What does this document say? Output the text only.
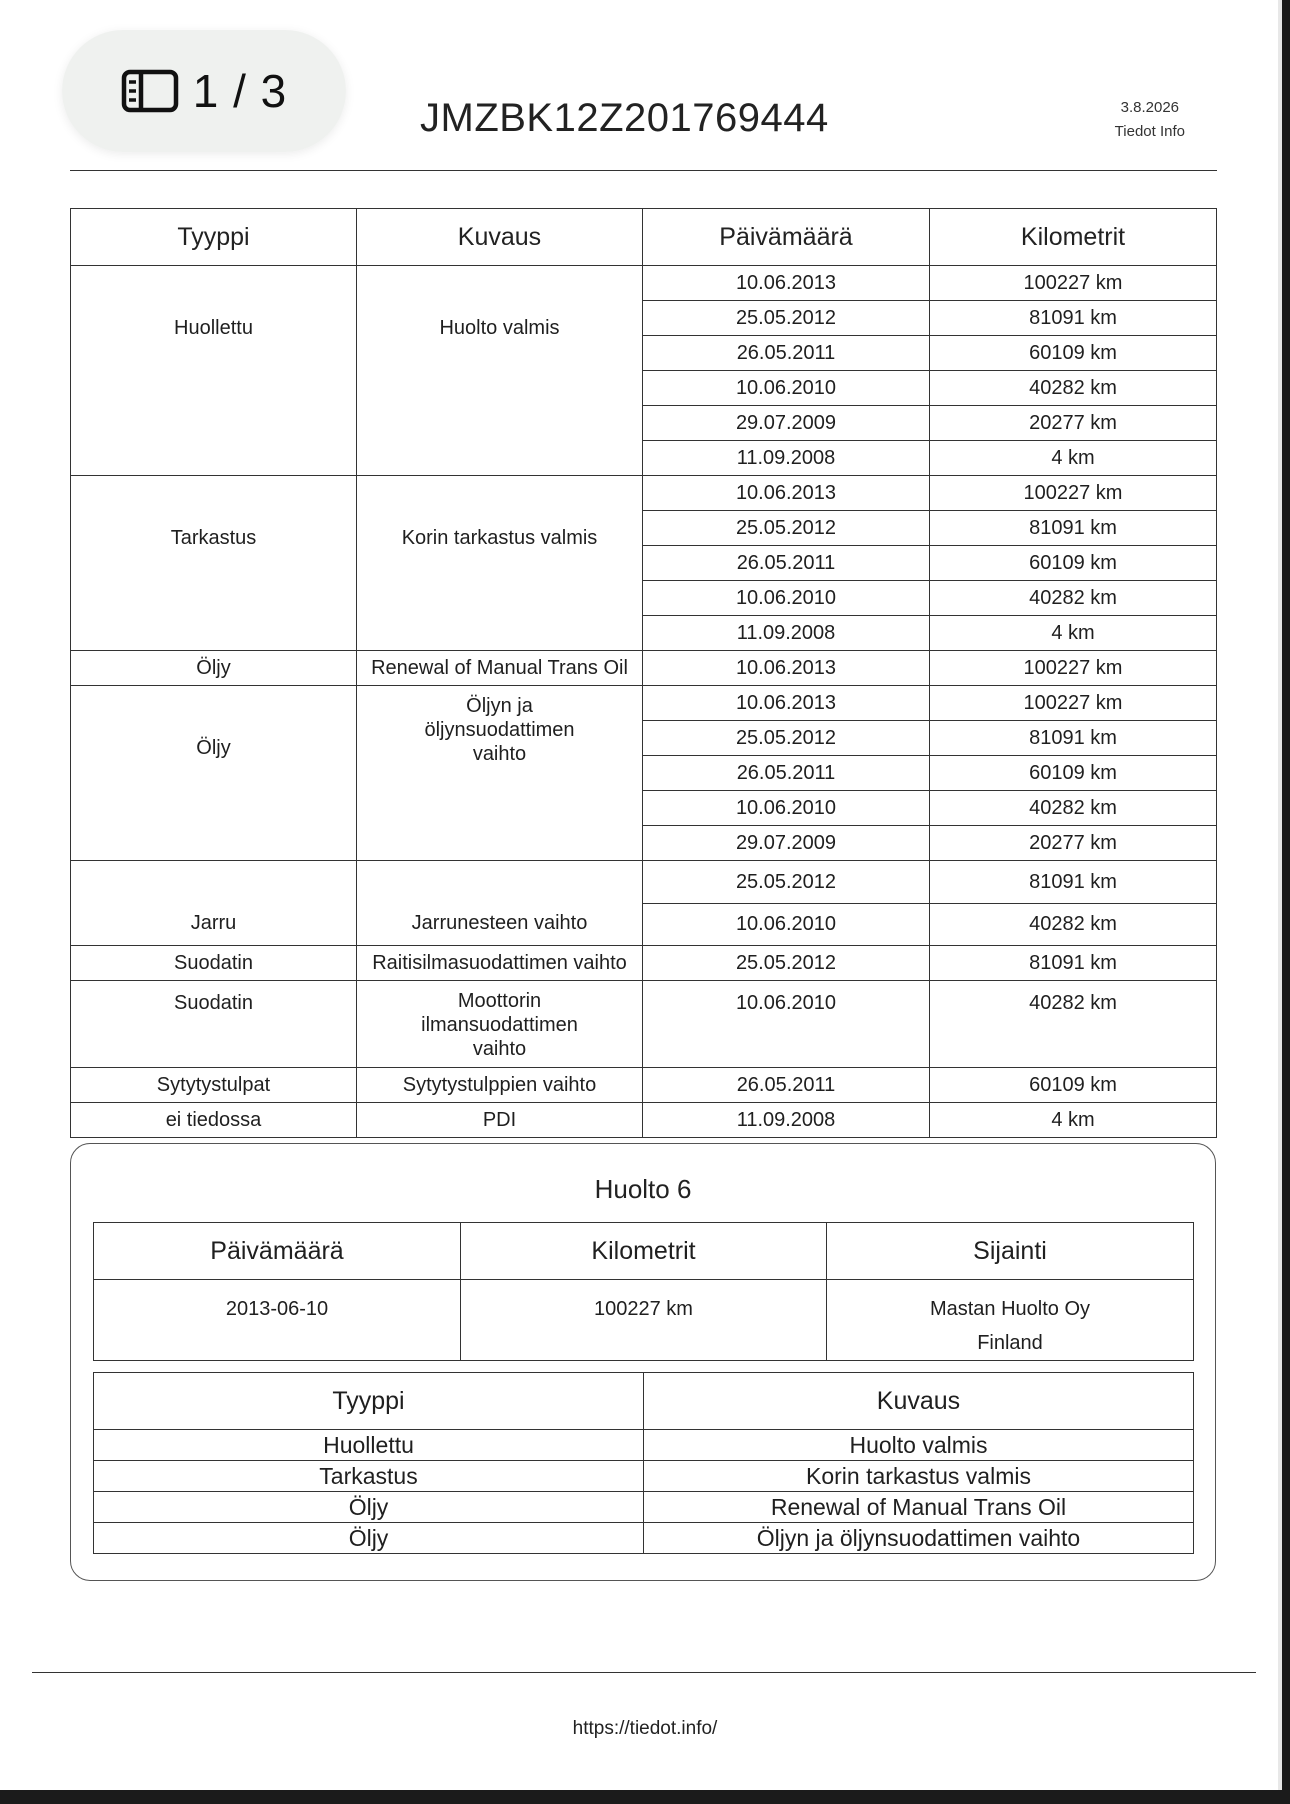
1 / 3
JMZBK12Z201769444	3.8.2026
Tiedot Info
Tyyppi	Kuvaus	Päivämäärä	Kilometrit
Huollettu	Huolto valmis	10.06.2013	100227 km
		25.05.2012	81091 km
		26.05.2011	60109 km
		10.06.2010	40282 km
		29.07.2009	20277 km
		11.09.2008	4 km
Tarkastus	Korin tarkastus valmis	10.06.2013	100227 km
		25.05.2012	81091 km
		26.05.2011	60109 km
		10.06.2010	40282 km
		11.09.2008	4 km
Öljy	Renewal of Manual Trans Oil	10.06.2013	100227 km
Öljy	Öljyn ja öljynsuodattimen vaihto	10.06.2013	100227 km
		25.05.2012	81091 km
		26.05.2011	60109 km
		10.06.2010	40282 km
		29.07.2009	20277 km
Jarru	Jarrunesteen vaihto	25.05.2012	81091 km
		10.06.2010	40282 km
Suodatin	Raitisilmasuodattimen vaihto	25.05.2012	81091 km
Suodatin	Moottorin ilmansuodattimen vaihto	10.06.2010	40282 km
Sytytystulpat	Sytytystulppien vaihto	26.05.2011	60109 km
ei tiedossa	PDI	11.09.2008	4 km
Huolto 6
Päivämäärä	Kilometrit	Sijainti
2013-06-10	100227 km	Mastan Huolto Oy
Finland
Tyyppi	Kuvaus
Huollettu	Huolto valmis
Tarkastus	Korin tarkastus valmis
Öljy	Renewal of Manual Trans Oil
Öljy	Öljyn ja öljynsuodattimen vaihto
https://tiedot.info/
